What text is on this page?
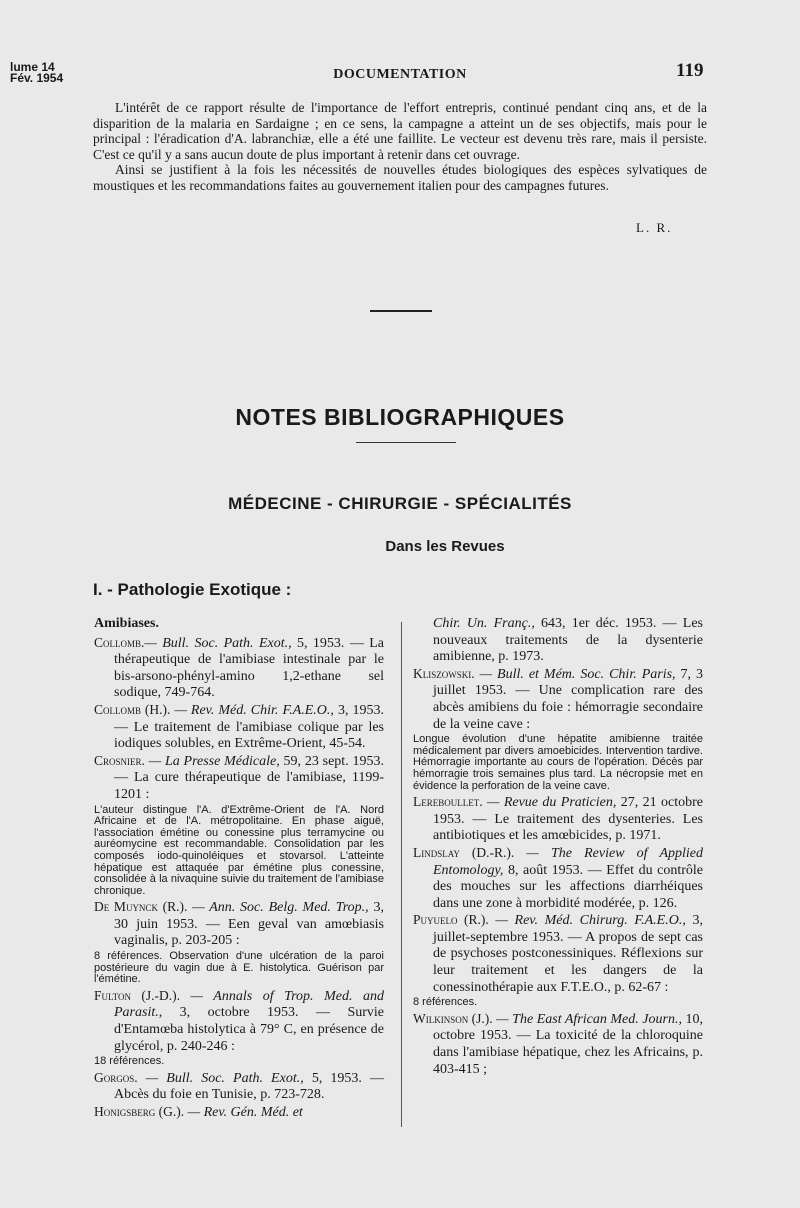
lume 14
Fév. 1954	DOCUMENTATION	119

L'intérêt de ce rapport résulte de l'importance de l'effort entrepris, continué pendant cinq ans, et de la disparition de la malaria en Sardaigne ; en ce sens, la campagne a atteint un de ses objectifs, mais pour le principal : l'éradication d'A. labranchiæ, elle a été une faillite. Le vecteur est devenu très rare, mais il persiste. C'est ce qu'il y a sans aucun doute de plus important à retenir dans cet ouvrage.

Ainsi se justifient à la fois les nécessités de nouvelles études biologiques des espèces sylvatiques de moustiques et les recommandations faites au gouvernement italien pour des campagnes futures.

L. R.
NOTES BIBLIOGRAPHIQUES
MÉDECINE - CHIRURGIE - SPÉCIALITÉS
Dans les Revues
I. - Pathologie Exotique :
Amibiases.
Collomb.— Bull. Soc. Path. Exot., 5, 1953. — La thérapeutique de l'amibiase intestinale par le bis-arsono-phényl-amino 1,2-ethane sel sodique, 749-764.
Collomb (H.). — Rev. Méd. Chir. F.A.E.O., 3, 1953. — Le traitement de l'amibiase colique par les iodiques solubles, en Extrême-Orient, 45-54.
Crosnier. — La Presse Médicale, 59, 23 sept. 1953. — La cure thérapeutique de l'amibiase, 1199-1201 :
L'auteur distingue l'A. d'Extrême-Orient de l'A. Nord Africaine et de l'A. métropolitaine. En phase aiguë, l'association émétine ou conessine plus terramycine ou auréomycine est recommandable. Consolidation par les composés iodo-quinoléiques et stovarsol. L'atteinte hépatique est attaquée par émétine plus conessine, consolidée à la nivaquine suivie du traitement de l'amibiase chronique.
De Muynck (R.). — Ann. Soc. Belg. Med. Trop., 3, 30 juin 1953. — Een geval van amœbiasis vaginalis, p. 203-205 :
8 références. Observation d'une ulcération de la paroi postérieure du vagin due à E. histolytica. Guérison par l'émétine.
Fulton (J.-D.). — Annals of Trop. Med. and Parasit., 3, octobre 1953. — Survie d'Entamœba histolytica à 79° C, en présence de glycérol, p. 240-246 :
18 références.
Gorgos. — Bull. Soc. Path. Exot., 5, 1953. — Abcès du foie en Tunisie, p. 723-728.
Honigsberg (G.). — Rev. Gén. Méd. et
Chir. Un. Franç., 643, 1er déc. 1953. — Les nouveaux traitements de la dysenterie amibienne, p. 1973.
Kliszowski. — Bull. et Mém. Soc. Chir. Paris, 7, 3 juillet 1953. — Une complication rare des abcès amibiens du foie : hémorragie secondaire de la veine cave :
Longue évolution d'une hépatite amibienne traitée médicalement par divers amoebicides. Intervention tardive. Hémorragie importante au cours de l'opération. Décès par hémorragie trois semaines plus tard. La nécropsie met en évidence la perforation de la veine cave.
Lereboullet. — Revue du Praticien, 27, 21 octobre 1953. — Le traitement des dysenteries. Les antibiotiques et les amœbicides, p. 1971.
Lindslay (D.-R.). — The Review of Applied Entomology, 8, août 1953. — Effet du contrôle des mouches sur les affections diarrhéiques dans une zone à morbidité modérée, p. 126.
Puyuelo (R.). — Rev. Méd. Chirurg. F.A.E.O., 3, juillet-septembre 1953. — A propos de sept cas de psychoses postconessiniques. Réflexions sur leur traitement et les dangers de la conessinothérapie aux F.T.E.O., p. 62-67 :
8 références.
Wilkinson (J.). — The East African Med. Journ., 10, octobre 1953. — La toxicité de la chloroquine dans l'amibiase hépatique, chez les Africains, p. 403-415 ;
